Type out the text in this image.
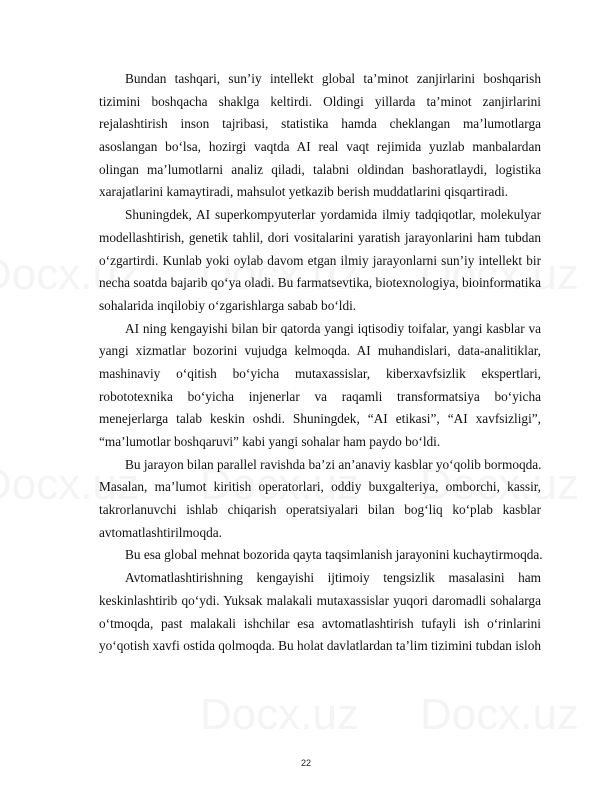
Bundan tashqari, sun’iy intellekt global ta’minot zanjirlarini boshqarish
tizimini boshqacha shaklga keltirdi. Oldingi yillarda ta’minot zanjirlarini
rejalashtirish inson tajribasi, statistika hamda cheklangan ma’lumotlarga
asoslangan bo‘lsa, hozirgi vaqtda AI real vaqt rejimida yuzlab manbalardan
olingan ma’lumotlarni analiz qiladi, talabni oldindan bashoratlaydi, logistika
xarajatlarini kamaytiradi, mahsulot yetkazib berish muddatlarini qisqartiradi.
Shuningdek, AI superkompyuterlar yordamida ilmiy tadqiqotlar, molekulyar
modellashtirish, genetik tahlil, dori vositalarini yaratish jarayonlarini ham tubdan
o‘zgartirdi. Kunlab yoki oylab davom etgan ilmiy jarayonlarni sun’iy intellekt bir
necha soatda bajarib qo‘ya oladi. Bu farmatsevtika, biotexnologiya, bioinformatika
sohalarida inqilobiy o‘zgarishlarga sabab bo‘ldi.
AI ning kengayishi bilan bir qatorda yangi iqtisodiy toifalar, yangi kasblar va
yangi xizmatlar bozorini vujudga kelmoqda. AI muhandislari, data-analitiklar,
mashinaviy o‘qitish bo‘yicha mutaxassislar, kiberxavfsizlik ekspertlari,
robototexnika bo‘yicha injenerlar va raqamli transformatsiya bo‘yicha
menejerlarga talab keskin oshdi. Shuningdek, “AI etikasi”, “AI xavfsizligi”,
“ma’lumotlar boshqaruvi” kabi yangi sohalar ham paydo bo‘ldi.
Bu jarayon bilan parallel ravishda ba’zi an’anaviy kasblar yo‘qolib bormoqda.
Masalan, ma’lumot kiritish operatorlari, oddiy buxgalteriya, omborchi, kassir,
takrorlanuvchi ishlab chiqarish operatsiyalari bilan bog‘liq ko‘plab kasblar
avtomatlashtirilmoqda.
Bu esa global mehnat bozorida qayta taqsimlanish jarayonini kuchaytirmoqda.
Avtomatlashtirishning kengayishi ijtimoiy tengsizlik masalasini ham
keskinlashtirib qo‘ydi. Yuksak malakali mutaxassislar yuqori daromadli sohalarga
o‘tmoqda, past malakali ishchilar esa avtomatlashtirish tufayli ish o‘rinlarini
yo‘qotish xavfi ostida qolmoqda. Bu holat davlatlardan ta’lim tizimini tubdan isloh
22
